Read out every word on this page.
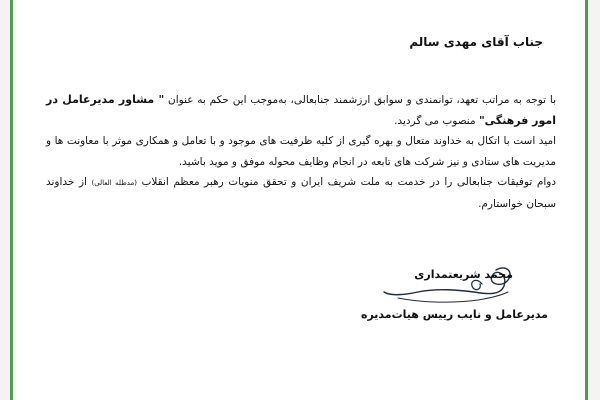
جناب آقای مهدی سالم

با توجه به مراتب تعهد، توانمندی و سوابق ارزشمند جنابعالی، به‌موجب این حکم به عنوان " مشاور مدیرعامل در امور فرهنگی" منصوب می گردید.

امید است با اتکال به خداوند متعال و بهره گیری از کلیه ظرفیت های موجود و با تعامل و همکاری موثر با معاونت ها و مدیریت های ستادی و نیز شرکت های تابعه در انجام وظایف محوله موفق و موید باشید.

دوام توفیقات جنابعالی را در خدمت به ملت شریف ایران و تحقق منویات رهبر معظم انقلاب (مدظله العالی) از خداوند سبحان خواستارم.

محمد شریعتمداری
مدیرعامل و نایب رییس هیات‌مدیره
